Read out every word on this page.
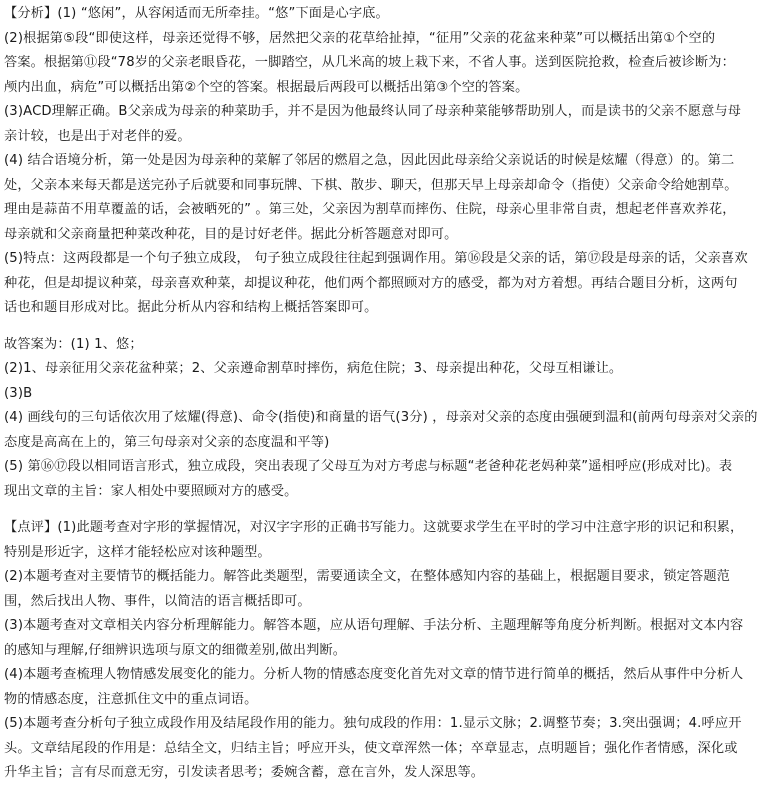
【分析】(1) “悠闲”，从容闲适而无所牵挂。“悠”下面是心字底。
(2)根据第⑤段“即使这样，母亲还觉得不够，居然把父亲的花草给扯掉，“征用”父亲的花盆来种菜”可以概括出第①个空的
答案。根据第⑪段“78岁的父亲老眼昏花，一脚踏空，从几米高的坡上栽下来，不省人事。送到医院抢救，检查后被诊断为：
颅内出血，病危”可以概括出第②个空的答案。根据最后两段可以概括出第③个空的答案。
(3)ACD理解正确。B父亲成为母亲的种菜助手，并不是因为他最终认同了母亲种菜能够帮助别人，而是读书的父亲不愿意与母
亲计较，也是出于对老伴的爱。
(4) 结合语境分析，第一处是因为母亲种的菜解了邻居的燃眉之急，因此因此母亲给父亲说话的时候是炫耀（得意）的。第二
处，父亲本来每天都是送完孙子后就要和同事玩牌、下棋、散步、聊天，但那天早上母亲却命令（指使）父亲命令给她割草。
理由是蒜苗不用草覆盖的话，会被晒死的” 。第三处，父亲因为割草而摔伤、住院，母亲心里非常自责，想起老伴喜欢养花，
母亲就和父亲商量把种菜改种花，目的是讨好老伴。据此分析答题意对即可。
(5)特点：这两段都是一个句子独立成段， 句子独立成段往往起到强调作用。第⑯段是父亲的话，第⑰段是母亲的话，父亲喜欢
种花，但是却提议种菜，母亲喜欢种菜，却提议种花，他们两个都照顾对方的感受，都为对方着想。再结合题目分析，这两句
话也和题目形成对比。据此分析从内容和结构上概括答案即可。
故答案为：(1) 1、悠；
(2)1、母亲征用父亲花盆种菜；2、父亲遵命割草时摔伤，病危住院；3、母亲提出种花，父母互相谦让。
(3)B
(4) 画线句的三句话依次用了炫耀(得意)、命令(指使)和商量的语气(3分) ，母亲对父亲的态度由强硬到温和(前两句母亲对父亲的
态度是高高在上的，第三句母亲对父亲的态度温和平等)
(5) 第⑯⑰段以相同语言形式，独立成段，突出表现了父母互为对方考虑与标题“老爸种花老妈种菜”遥相呼应(形成对比)。表
现出文章的主旨：家人相处中要照顾对方的感受。
【点评】(1)此题考查对字形的掌握情况，对汉字字形的正确书写能力。这就要求学生在平时的学习中注意字形的识记和积累，
特别是形近字，这样才能轻松应对该种题型。
(2)本题考查对主要情节的概括能力。解答此类题型，需要通读全文，在整体感知内容的基础上，根据题目要求，锁定答题范
围，然后找出人物、事件，以简洁的语言概括即可。
(3)本题考查对文章相关内容分析理解能力。解答本题，应从语句理解、手法分析、主题理解等角度分析判断。根据对文本内容
的感知与理解,仔细辨识选项与原文的细微差别,做出判断。
(4)本题考查梳理人物情感发展变化的能力。分析人物的情感态度变化首先对文章的情节进行简单的概括，然后从事件中分析人
物的情感态度，注意抓住文中的重点词语。
(5)本题考查分析句子独立成段作用及结尾段作用的能力。独句成段的作用：1.显示文脉；2.调整节奏；3.突出强调；4.呼应开
头。文章结尾段的作用是：总结全文，归结主旨；呼应开头，使文章浑然一体；卒章显志，点明题旨；强化作者情感，深化或
升华主旨；言有尽而意无穷，引发读者思考；委婉含蓄，意在言外，发人深思等。
